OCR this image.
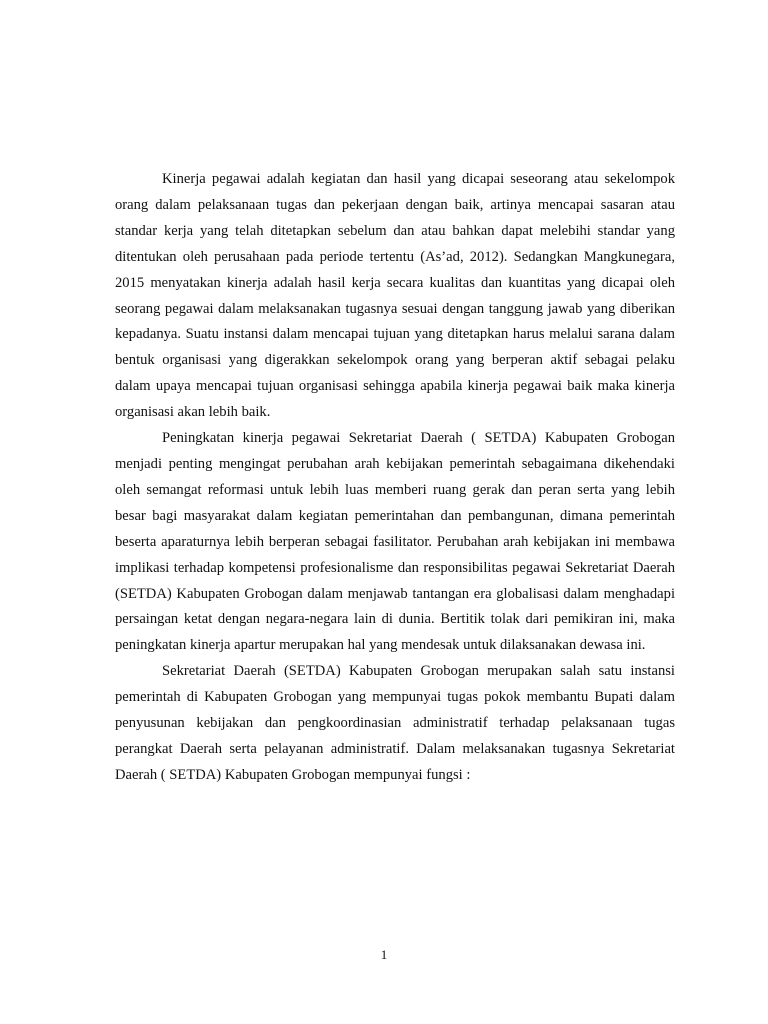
Kinerja pegawai adalah kegiatan dan hasil yang dicapai seseorang atau sekelompok orang dalam pelaksanaan tugas dan pekerjaan dengan baik, artinya mencapai sasaran atau standar kerja yang telah ditetapkan sebelum dan atau bahkan dapat melebihi standar yang ditentukan oleh perusahaan pada periode tertentu (As’ad, 2012). Sedangkan Mangkunegara, 2015 menyatakan kinerja adalah hasil kerja secara kualitas dan kuantitas yang dicapai oleh seorang pegawai dalam melaksanakan tugasnya sesuai dengan tanggung jawab yang diberikan kepadanya. Suatu instansi dalam mencapai tujuan yang ditetapkan harus melalui sarana dalam bentuk organisasi yang digerakkan sekelompok orang yang berperan aktif sebagai pelaku dalam upaya mencapai tujuan organisasi sehingga apabila kinerja pegawai baik maka kinerja organisasi akan lebih baik.

Peningkatan kinerja pegawai Sekretariat Daerah ( SETDA) Kabupaten Grobogan menjadi penting mengingat perubahan arah kebijakan pemerintah sebagaimana dikehendaki oleh semangat reformasi untuk lebih luas memberi ruang gerak dan peran serta yang lebih besar bagi masyarakat dalam kegiatan pemerintahan dan pembangunan, dimana pemerintah beserta aparaturnya lebih berperan sebagai fasilitator. Perubahan arah kebijakan ini membawa implikasi terhadap kompetensi profesionalisme dan responsibilitas pegawai Sekretariat Daerah (SETDA) Kabupaten Grobogan dalam menjawab tantangan era globalisasi dalam menghadapi persaingan ketat dengan negara-negara lain di dunia. Bertitik tolak dari pemikiran ini, maka peningkatan kinerja apartur merupakan hal yang mendesak untuk dilaksanakan dewasa ini.

Sekretariat Daerah (SETDA) Kabupaten Grobogan merupakan salah satu instansi pemerintah di Kabupaten Grobogan yang mempunyai tugas pokok membantu Bupati dalam penyusunan kebijakan dan pengkoordinasian administratif terhadap pelaksanaan tugas perangkat Daerah serta pelayanan administratif. Dalam melaksanakan tugasnya Sekretariat Daerah ( SETDA) Kabupaten Grobogan mempunyai fungsi :

1
